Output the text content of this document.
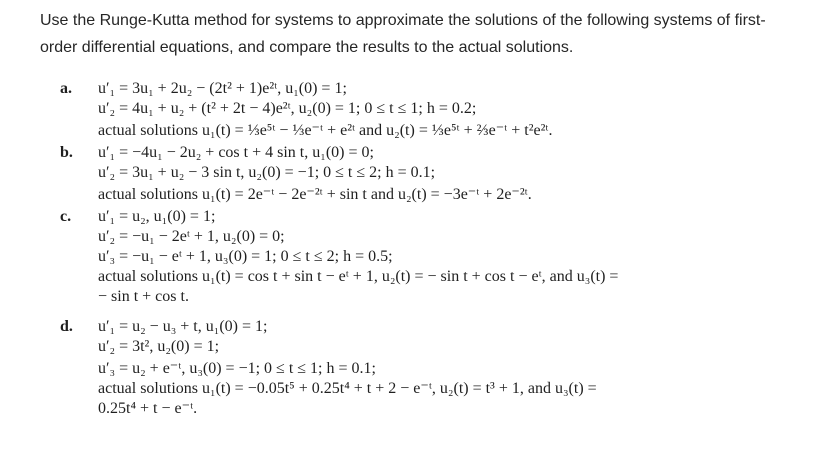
Use the Runge-Kutta method for systems to approximate the solutions of the following systems of first-order differential equations, and compare the results to the actual solutions.
a. u′₁ = 3u₁ + 2u₂ − (2t² + 1)e²ᵗ, u₁(0) = 1;
u′₂ = 4u₁ + u₂ + (t² + 2t − 4)e²ᵗ, u₂(0) = 1; 0 ≤ t ≤ 1; h = 0.2;
actual solutions u₁(t) = ⅓e⁵ᵗ − ⅓e⁻ᵗ + e²ᵗ and u₂(t) = ⅓e⁵ᵗ + ⅔e⁻ᵗ + t²e²ᵗ.
b. u′₁ = −4u₁ − 2u₂ + cos t + 4 sin t, u₁(0) = 0;
u′₂ = 3u₁ + u₂ − 3 sin t, u₂(0) = −1; 0 ≤ t ≤ 2; h = 0.1;
actual solutions u₁(t) = 2e⁻ᵗ − 2e⁻²ᵗ + sin t and u₂(t) = −3e⁻ᵗ + 2e⁻²ᵗ.
c. u′₁ = u₂, u₁(0) = 1;
u′₂ = −u₁ − 2eᵗ + 1, u₂(0) = 0;
u′₃ = −u₁ − eᵗ + 1, u₃(0) = 1; 0 ≤ t ≤ 2; h = 0.5;
actual solutions u₁(t) = cos t + sin t − eᵗ + 1, u₂(t) = − sin t + cos t − eᵗ, and u₃(t) =
− sin t + cos t.
d. u′₁ = u₂ − u₃ + t, u₁(0) = 1;
u′₂ = 3t², u₂(0) = 1;
u′₃ = u₂ + e⁻ᵗ, u₃(0) = −1; 0 ≤ t ≤ 1; h = 0.1;
actual solutions u₁(t) = −0.05t⁵ + 0.25t⁴ + t + 2 − e⁻ᵗ, u₂(t) = t³ + 1, and u₃(t) =
0.25t⁴ + t − e⁻ᵗ.
